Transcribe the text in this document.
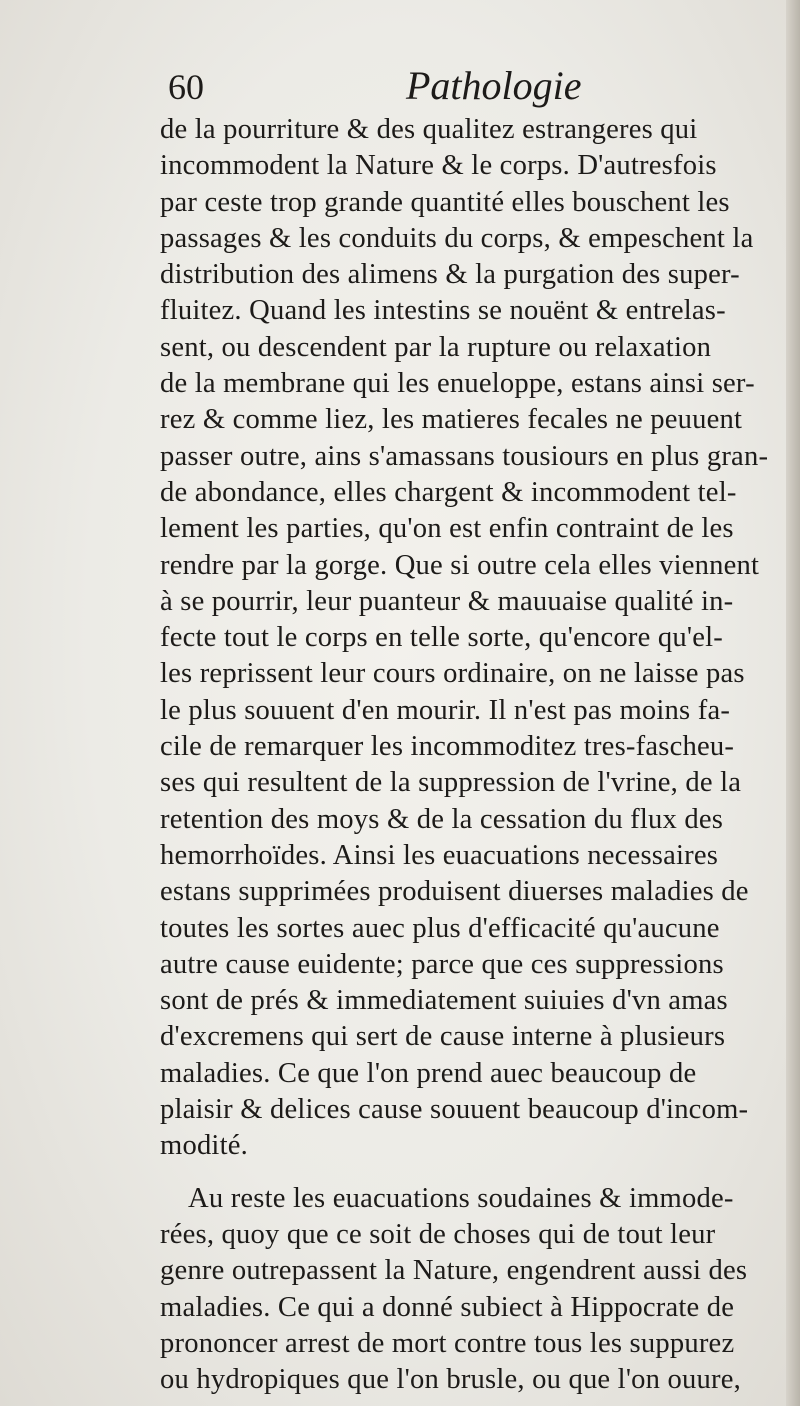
60	Pathologie
de la pourriture & des qualitez estrangeres qui
incommodent la Nature & le corps. D'autresfois
par ceste trop grande quantité elles bouschent les
passages & les conduits du corps, & empeschent la
distribution des alimens & la purgation des super-
fluitez. Quand les intestins se nouënt & entrelas-
sent, ou descendent par la rupture ou relaxation
de la membrane qui les enueloppe, estans ainsi ser-
rez & comme liez, les matieres fecales ne peuuent
passer outre, ains s'amassans tousiours en plus gran-
de abondance, elles chargent & incommodent tel-
lement les parties, qu'on est enfin contraint de les
rendre par la gorge. Que si outre cela elles viennent
à se pourrir, leur puanteur & mauuaise qualité in-
fecte tout le corps en telle sorte, qu'encore qu'el-
les reprissent leur cours ordinaire, on ne laisse pas
le plus souuent d'en mourir. Il n'est pas moins fa-
cile de remarquer les incommoditez tres-fascheu-
ses qui resultent de la suppression de l'vrine, de la
retention des moys & de la cessation du flux des
hemorrhoïdes. Ainsi les euacuations necessaires
estans supprimées produisent diuerses maladies de
toutes les sortes auec plus d'efficacité qu'aucune
autre cause euidente; parce que ces suppressions
sont de prés & immediatement suiuies d'vn amas
d'excremens qui sert de cause interne à plusieurs
maladies. Ce que l'on prend auec beaucoup de
plaisir & delices cause souuent beaucoup d'incom-
modité.
Au reste les euacuations soudaines & immode-
rées, quoy que ce soit de choses qui de tout leur
genre outrepassent la Nature, engendrent aussi des
maladies. Ce qui a donné subiect à Hippocrate de
prononcer arrest de mort contre tous les suppurez
ou hydropiques que l'on brusle, ou que l'on ouure,
